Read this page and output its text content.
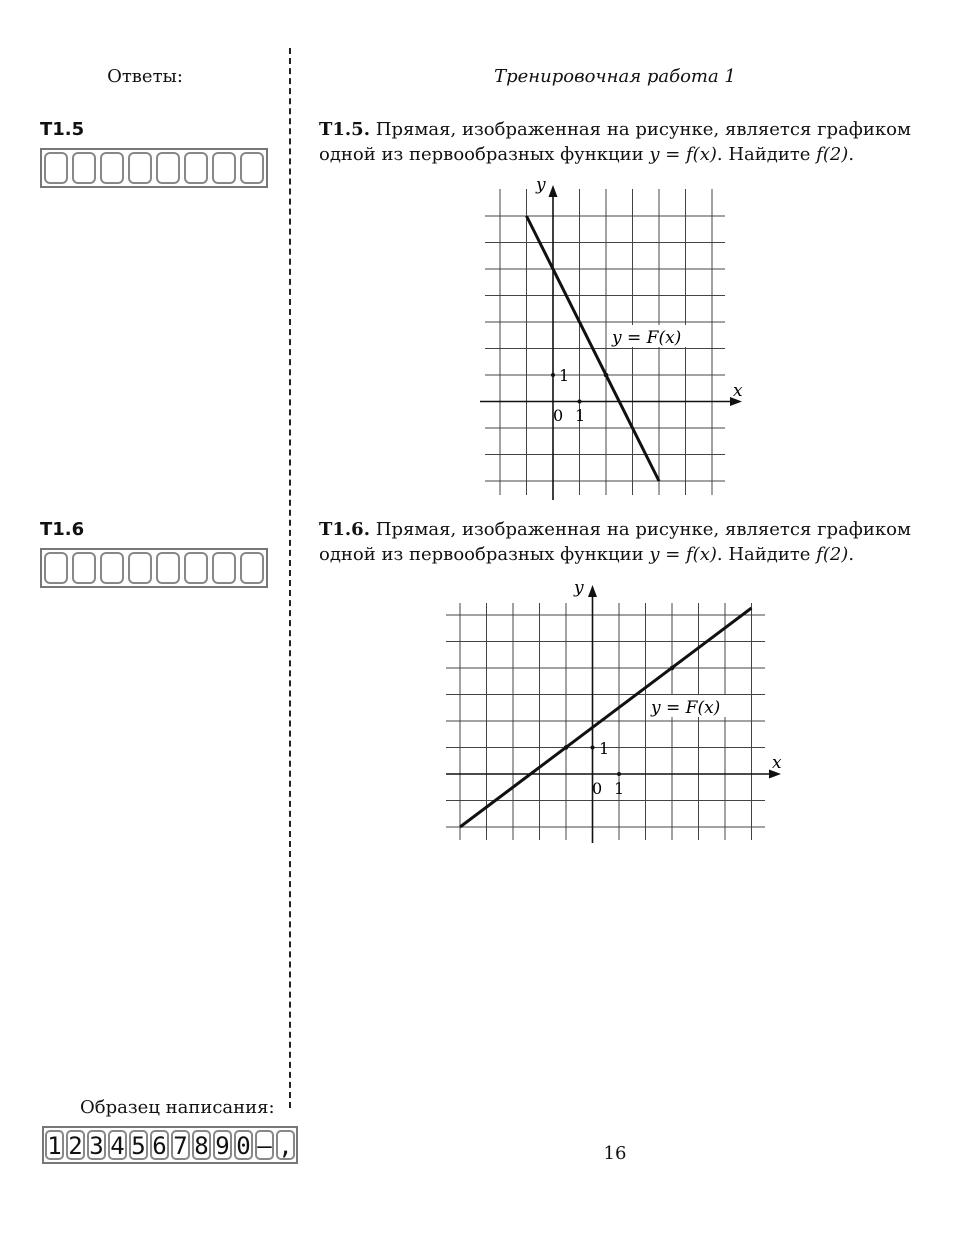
Ответы:	Тренировочная работа 1
T1.5	T1.5. Прямая, изображенная на рисунке, является графиком одной из первообразных функции y = f(x). Найдите f(2).
y = F(x)
y
x
0 1
1
T1.6	T1.6. Прямая, изображенная на рисунке, является графиком одной из первообразных функции y = f(x). Найдите f(2).
y = F(x)
y
x
0 1
1
Образец написания:
1 2 3 4 5 6 7 8 9 0 – ,	16
